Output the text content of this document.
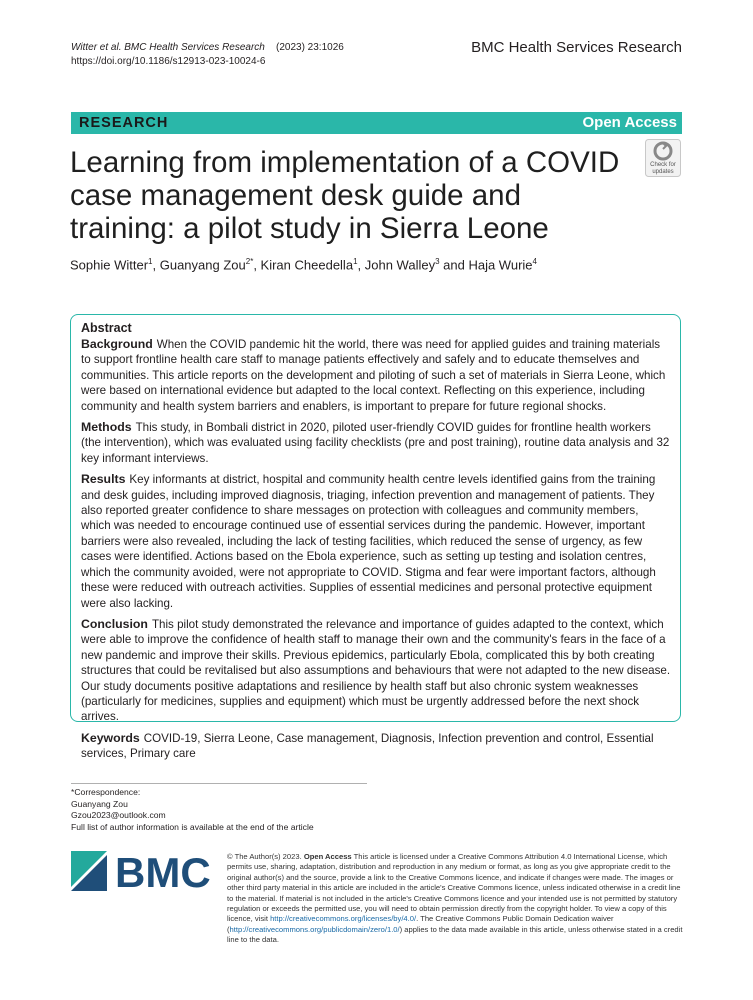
Witter et al. BMC Health Services Research (2023) 23:1026
https://doi.org/10.1186/s12913-023-10024-6
BMC Health Services Research
RESEARCH	Open Access
Learning from implementation of a COVID case management desk guide and training: a pilot study in Sierra Leone
Check for
updates
Sophie Witter$^1$, Guanyang Zou$^{2*}$, Kiran Cheedella$^1$, John Walley$^3$ and Haja Wurie$^4$
Abstract

Background When the COVID pandemic hit the world, there was need for applied guides and training materials to support frontline health care staff to manage patients effectively and safely and to educate themselves and communities. This article reports on the development and piloting of such a set of materials in Sierra Leone, which were based on international evidence but adapted to the local context. Reflecting on this experience, including community and health system barriers and enablers, is important to prepare for future regional shocks.

Methods This study, in Bombali district in 2020, piloted user-friendly COVID guides for frontline health workers (the intervention), which was evaluated using facility checklists (pre and post training), routine data analysis and 32 key informant interviews.

Results Key informants at district, hospital and community health centre levels identified gains from the training and desk guides, including improved diagnosis, triaging, infection prevention and management of patients. They also reported greater confidence to share messages on protection with colleagues and community members, which was needed to encourage continued use of essential services during the pandemic. However, important barriers were also revealed, including the lack of testing facilities, which reduced the sense of urgency, as few cases were identified. Actions based on the Ebola experience, such as setting up testing and isolation centres, which the community avoided, were not appropriate to COVID. Stigma and fear were important factors, although these were reduced with outreach activities. Supplies of essential medicines and personal protective equipment were also lacking.

Conclusion This pilot study demonstrated the relevance and importance of guides adapted to the context, which were able to improve the confidence of health staff to manage their own and the community's fears in the face of a new pandemic and improve their skills. Previous epidemics, particularly Ebola, complicated this by both creating structures that could be revitalised but also assumptions and behaviours that were not adapted to the new disease. Our study documents positive adaptations and resilience by health staff but also chronic system weaknesses (particularly for medicines, supplies and equipment) which must be urgently addressed before the next shock arrives.

Keywords COVID-19, Sierra Leone, Case management, Diagnosis, Infection prevention and control, Essential services, Primary care

*Correspondence:
Guanyang Zou
Gzou2023@outlook.com
Full list of author information is available at the end of the article
BMC © The Author(s) 2023. Open Access This article is licensed under a Creative Commons Attribution 4.0 International License, which permits use, sharing, adaptation, distribution and reproduction in any medium or format, as long as you give appropriate credit to the original author(s) and the source, provide a link to the Creative Commons licence, and indicate if changes were made. The images or other third party material in this article are included in the article's Creative Commons licence, unless indicated otherwise in a credit line to the material. If material is not included in the article's Creative Commons licence and your intended use is not permitted by statutory regulation or exceeds the permitted use, you will need to obtain permission directly from the copyright holder. To view a copy of this licence, visit http://creativecommons.org/licenses/by/4.0/. The Creative Commons Public Domain Dedication waiver (http://creativecommons.org/publicdomain/zero/1.0/) applies to the data made available in this article, unless otherwise stated in a credit line to the data.
